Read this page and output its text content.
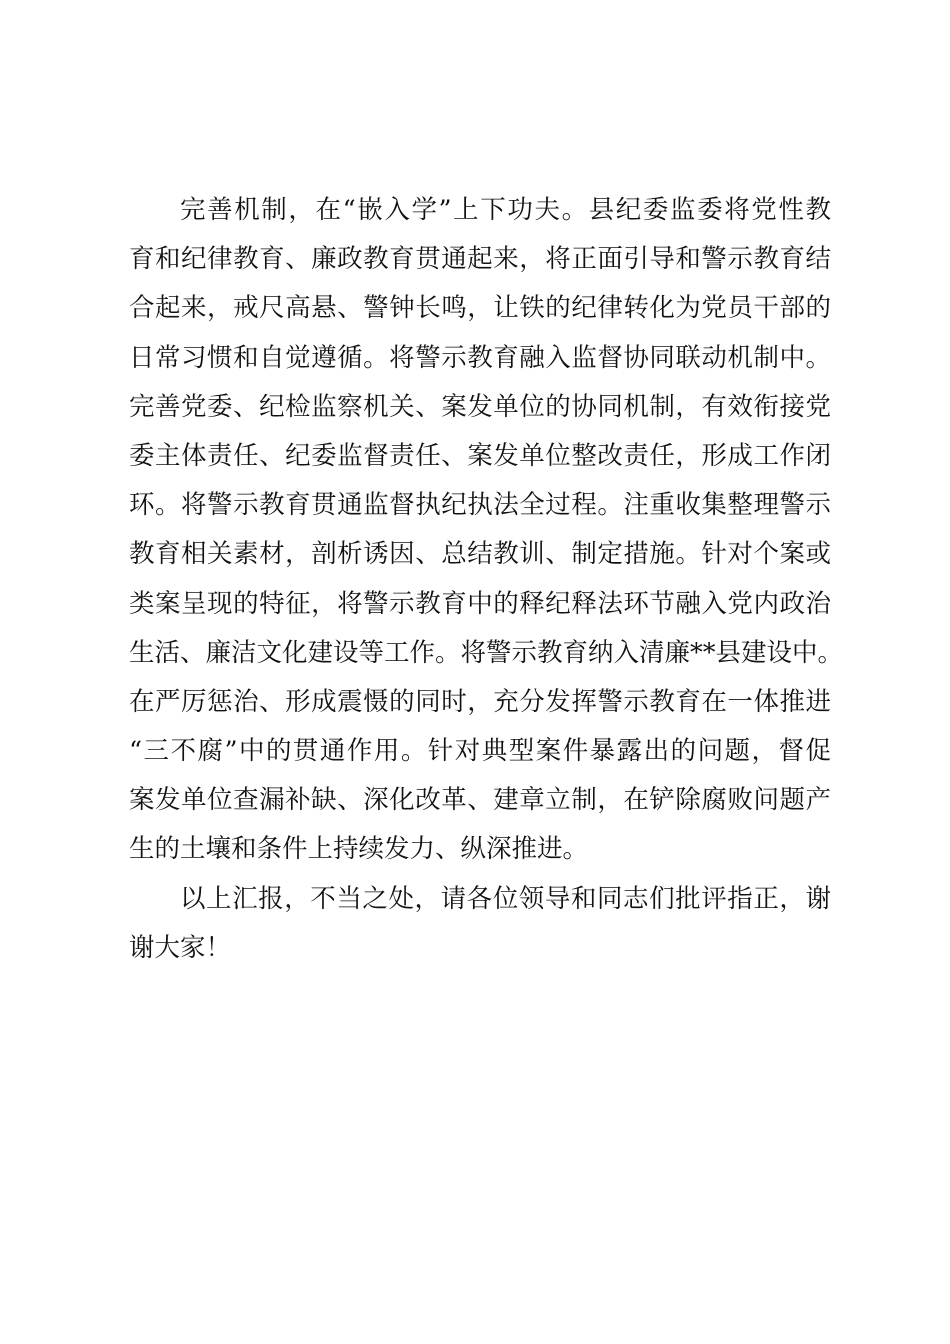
完善机制，在“嵌入学”上下功夫。县纪委监委将党性教
育和纪律教育、廉政教育贯通起来，将正面引导和警示教育结
合起来，戒尺高悬、警钟长鸣，让铁的纪律转化为党员干部的
日常习惯和自觉遵循。将警示教育融入监督协同联动机制中。
完善党委、纪检监察机关、案发单位的协同机制，有效衔接党
委主体责任、纪委监督责任、案发单位整改责任，形成工作闭
环。将警示教育贯通监督执纪执法全过程。注重收集整理警示
教育相关素材，剖析诱因、总结教训、制定措施。针对个案或
类案呈现的特征，将警示教育中的释纪释法环节融入党内政治
生活、廉洁文化建设等工作。将警示教育纳入清廉**县建设中。
在严厉惩治、形成震慑的同时，充分发挥警示教育在一体推进
“三不腐”中的贯通作用。针对典型案件暴露出的问题，督促
案发单位查漏补缺、深化改革、建章立制，在铲除腐败问题产
生的土壤和条件上持续发力、纵深推进。
以上汇报，不当之处，请各位领导和同志们批评指正，谢
谢大家！
